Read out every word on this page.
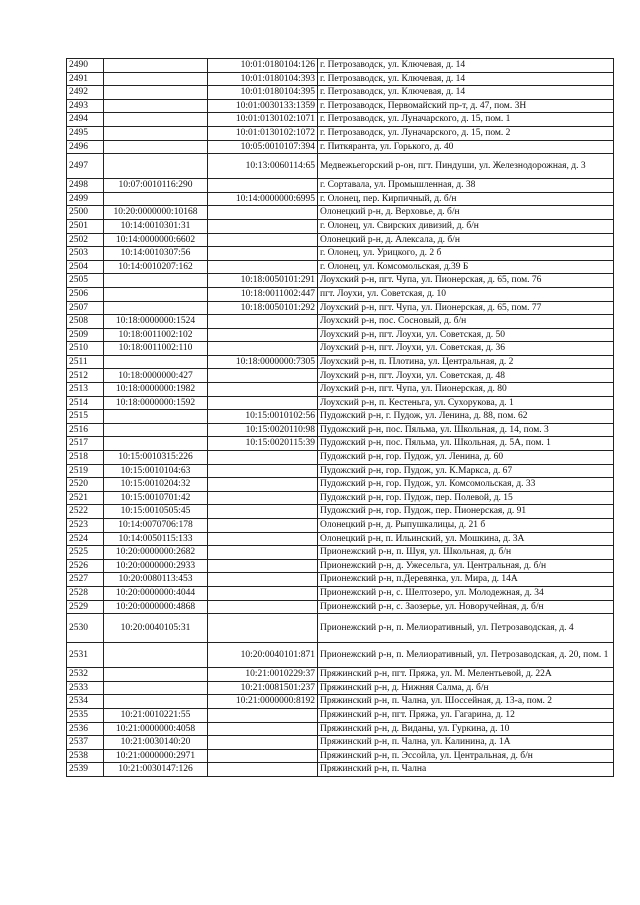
2490		10:01:0180104:126	г. Петрозаводск, ул. Ключевая, д. 14
2491		10:01:0180104:393	г. Петрозаводск, ул. Ключевая, д. 14
2492		10:01:0180104:395	г. Петрозаводск, ул. Ключевая, д. 14
2493		10:01:0030133:1359	г. Петрозаводск, Первомайский пр-т, д. 47, пом. 3Н
2494		10:01:0130102:1071	г. Петрозаводск, ул. Луначарского, д. 15, пом. 1
2495		10:01:0130102:1072	г. Петрозаводск, ул. Луначарского, д. 15, пом. 2
2496		10:05:0010107:394	г. Питкяранта, ул. Горького, д. 40
2497		10:13:0060114:65	Медвежьегорский р-он, пгт. Пиндуши, ул. Железнодорожная, д. 3
2498	10:07:0010116:290		г. Сортавала, ул. Промышленная, д. 38
2499		10:14:0000000:6995	г. Олонец, пер. Кирпичный, д. б/н
2500	10:20:0000000:10168		Олонецкий р-н, д. Верховье, д. б/н
2501	10:14:0010301:31		г. Олонец, ул. Свирских дивизий, д. б/н
2502	10:14:0000000:6602		Олонецкий р-н, д. Алексала, д. б/н
2503	10:14:0010307:56		г. Олонец, ул. Урицкого, д. 2 б
2504	10:14:0010207:162		г. Олонец, ул. Комсомольская, д.39 Б
2505		10:18:0050101:291	Лоухский р-н, пгт. Чупа, ул. Пионерская, д. 65, пом. 76
2506		10:18:0011002:447	пгт. Лоухи, ул. Советская, д. 10
2507		10:18:0050101:292	Лоухский р-н, пгт. Чупа, ул. Пионерская, д. 65, пом. 77
2508	10:18:0000000:1524		Лоухский р-н, пос. Сосновый, д. б/н
2509	10:18:0011002:102		Лоухский р-н, пгт. Лоухи, ул. Советская, д. 50
2510	10:18:0011002:110		Лоухский р-н, пгт. Лоухи, ул. Советская, д. 36
2511		10:18:0000000:7305	Лоухский р-н, п. Плотина, ул. Центральная, д. 2
2512	10:18:0000000:427		Лоухский р-н, пгт. Лоухи, ул. Советская, д. 48
2513	10:18:0000000:1982		Лоухский р-н, пгт. Чупа, ул. Пионерская, д. 80
2514	10:18:0000000:1592		Лоухский р-н, п. Кестеньга, ул. Сухорукова, д. 1
2515		10:15:0010102:56	Пудожский р-н, г. Пудож, ул. Ленина, д. 88, пом. 62
2516		10:15:0020110:98	Пудожский р-н, пос. Пяльма, ул. Школьная, д. 14, пом. 3
2517		10:15:0020115:39	Пудожский р-н, пос. Пяльма, ул. Школьная, д. 5А, пом. 1
2518	10:15:0010315:226		Пудожский р-н, гор. Пудож, ул. Ленина, д. 60
2519	10:15:0010104:63		Пудожский р-н, гор. Пудож, ул. К.Маркса, д. 67
2520	10:15:0010204:32		Пудожский р-н, гор. Пудож, ул. Комсомольская, д. 33
2521	10:15:0010701:42		Пудожский р-н, гор. Пудож, пер. Полевой, д. 15
2522	10:15:0010505:45		Пудожский р-н, гор. Пудож, пер. Пионерская, д. 91
2523	10:14:0070706:178		Олонецкий р-н, д. Рыпушкалицы, д. 21 б
2524	10:14:0050115:133		Олонецкий р-н, п. Ильинский, ул. Мошкина, д. 3А
2525	10:20:0000000:2682		Прионежский р-н, п. Шуя, ул. Школьная, д. б/н
2526	10:20:0000000:2933		Прионежский р-н, д. Ужесельга, ул. Центральная, д. б/н
2527	10:20:0080113:453		Прионежский р-н, п.Деревянка, ул. Мира, д. 14А
2528	10:20:0000000:4044		Прионежский р-н, с. Шелтозеро, ул. Молодежная, д. 34
2529	10:20:0000000:4868		Прионежский р-н, с. Заозерье, ул. Новоручейная, д. б/н
2530	10:20:0040105:31		Прионежский р-н, п. Мелиоративный, ул. Петрозаводская, д. 4
2531		10:20:0040101:871	Прионежский р-н, п. Мелиоративный, ул. Петрозаводская, д. 20, пом. 1
2532		10:21:0010229:37	Пряжинский р-н, пгт. Пряжа, ул. М. Мелентьевой, д. 22А
2533		10:21:0081501:237	Пряжинский р-н, д. Нижняя Салма, д. б/н
2534		10:21:0000000:8192	Пряжинский р-н, п. Чална, ул. Шоссейная, д. 13-а, пом. 2
2535	10:21:0010221:55		Пряжинский р-н, пгт. Пряжа, ул. Гагарина, д. 12
2536	10:21:0000000:4058		Пряжинский р-н, д. Виданы, ул. Гуркина, д. 10
2537	10:21:0030140:20		Пряжинский р-н, п. Чална, ул. Калинина, д. 1А
2538	10:21:0000000:2971		Пряжинский р-н, п. Эссойла, ул. Центральная, д. б/н
2539	10:21:0030147:126		Пряжинский р-н, п. Чална
